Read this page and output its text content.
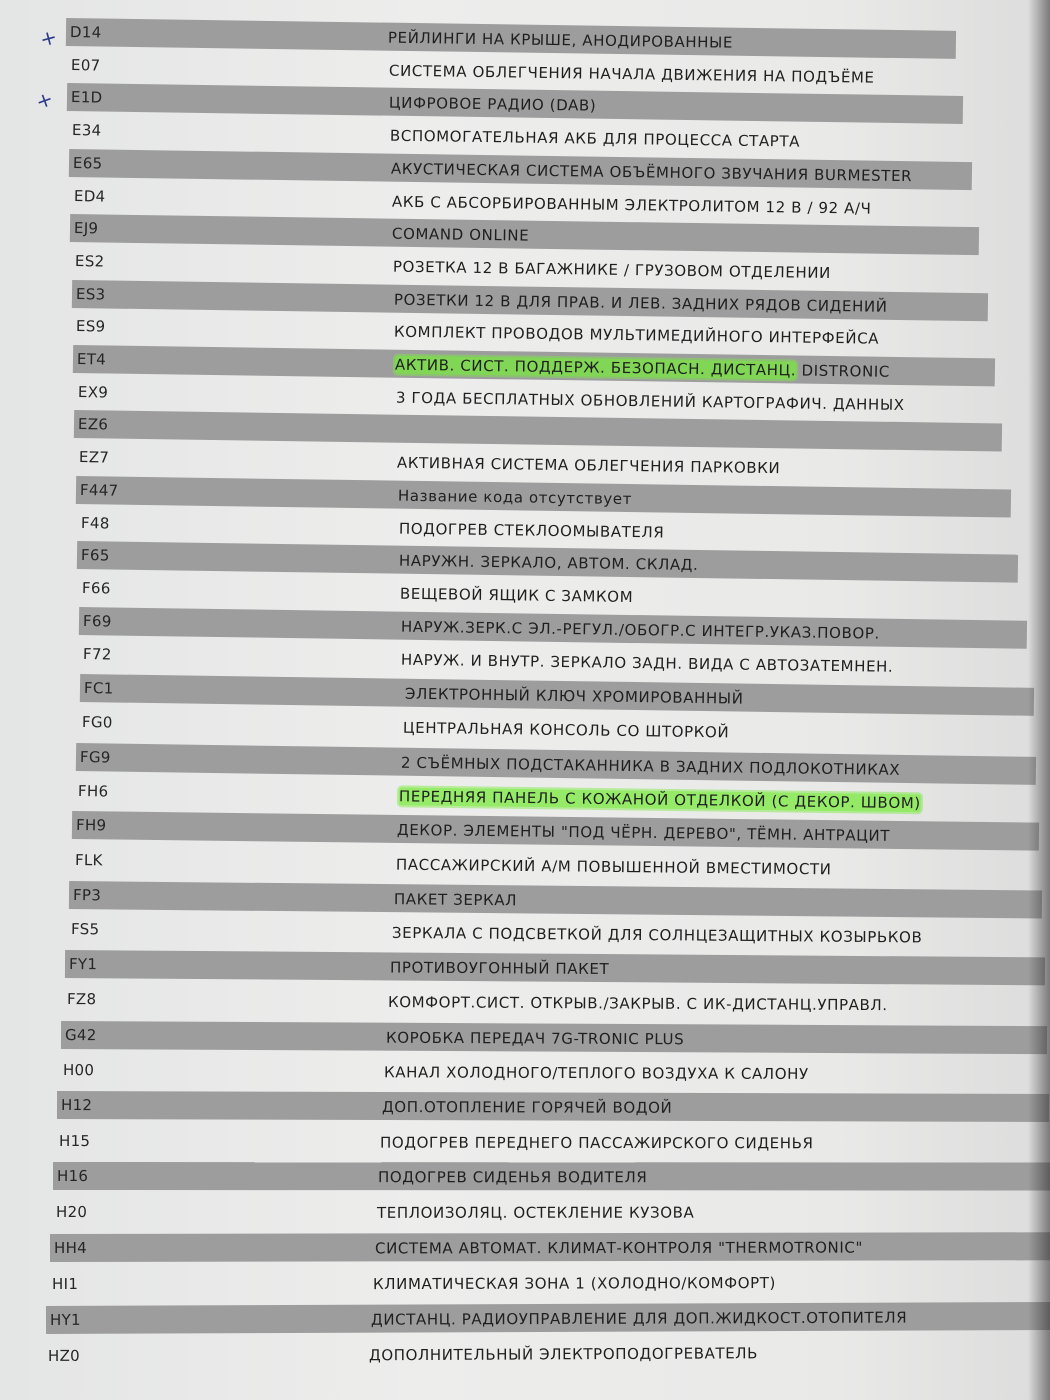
D14	РЕЙЛИНГИ НА КРЫШЕ, АНОДИРОВАННЫЕ
E07	СИСТЕМА ОБЛЕГЧЕНИЯ НАЧАЛА ДВИЖЕНИЯ НА ПОДЪЁМЕ
E1D	ЦИФРОВОЕ РАДИО (DAB)
E34	ВСПОМОГАТЕЛЬНАЯ АКБ ДЛЯ ПРОЦЕССА СТАРТА
E65	АКУСТИЧЕСКАЯ СИСТЕМА ОБЪЁМНОГО ЗВУЧАНИЯ BURMESTER
ED4	АКБ С АБСОРБИРОВАННЫМ ЭЛЕКТРОЛИТОМ 12 В / 92 А/Ч
EJ9	COMAND ONLINE
ES2	РОЗЕТКА 12 В БАГАЖНИКЕ / ГРУЗОВОМ ОТДЕЛЕНИИ
ES3	РОЗЕТКИ 12 В ДЛЯ ПРАВ. И ЛЕВ. ЗАДНИХ РЯДОВ СИДЕНИЙ
ES9	КОМПЛЕКТ ПРОВОДОВ МУЛЬТИМЕДИЙНОГО ИНТЕРФЕЙСА
ET4	АКТИВ. СИСТ. ПОДДЕРЖ. БЕЗОПАСН. ДИСТАНЦ. DISTRONIC
EX9	3 ГОДА БЕСПЛАТНЫХ ОБНОВЛЕНИЙ КАРТОГРАФИЧ. ДАННЫХ
EZ6
EZ7	АКТИВНАЯ СИСТЕМА ОБЛЕГЧЕНИЯ ПАРКОВКИ
F447	Название кода отсутствует
F48	ПОДОГРЕВ СТЕКЛООМЫВАТЕЛЯ
F65	НАРУЖН. ЗЕРКАЛО, АВТОМ. СКЛАД.
F66	ВЕЩЕВОЙ ЯЩИК С ЗАМКОМ
F69	НАРУЖ.ЗЕРК.С ЭЛ.-РЕГУЛ./ОБОГР.С ИНТЕГР.УКАЗ.ПОВОР.
F72	НАРУЖ. И ВНУТР. ЗЕРКАЛО ЗАДН. ВИДА С АВТОЗАТЕМНЕН.
FC1	ЭЛЕКТРОННЫЙ КЛЮЧ ХРОМИРОВАННЫЙ
FG0	ЦЕНТРАЛЬНАЯ КОНСОЛЬ СО ШТОРКОЙ
FG9	2 СЪЁМНЫХ ПОДСТАКАННИКА В ЗАДНИХ ПОДЛОКОТНИКАХ
FH6	ПЕРЕДНЯЯ ПАНЕЛЬ С КОЖАНОЙ ОТДЕЛКОЙ (С ДЕКОР. ШВОМ)
FH9	ДЕКОР. ЭЛЕМЕНТЫ "ПОД ЧЁРН. ДЕРЕВО", ТЁМН. АНТРАЦИТ
FLK	ПАССАЖИРСКИЙ А/М ПОВЫШЕННОЙ ВМЕСТИМОСТИ
FP3	ПАКЕТ ЗЕРКАЛ
FS5	ЗЕРКАЛА С ПОДСВЕТКОЙ ДЛЯ СОЛНЦЕЗАЩИТНЫХ КОЗЫРЬКОВ
FY1	ПРОТИВОУГОННЫЙ ПАКЕТ
FZ8	КОМФОРТ.СИСТ. ОТКРЫВ./ЗАКРЫВ. С ИК-ДИСТАНЦ.УПРАВЛ.
G42	КОРОБКА ПЕРЕДАЧ 7G-TRONIC PLUS
H00	КАНАЛ ХОЛОДНОГО/ТЕПЛОГО ВОЗДУХА К САЛОНУ
H12	ДОП.ОТОПЛЕНИЕ ГОРЯЧЕЙ ВОДОЙ
H15	ПОДОГРЕВ ПЕРЕДНЕГО ПАССАЖИРСКОГО СИДЕНЬЯ
H16	ПОДОГРЕВ СИДЕНЬЯ ВОДИТЕЛЯ
H20	ТЕПЛОИЗОЛЯЦ. ОСТЕКЛЕНИЕ КУЗОВА
HH4	СИСТЕМА АВТОМАТ. КЛИМАТ-КОНТРОЛЯ "THERMOTRONIC"
HI1	КЛИМАТИЧЕСКАЯ ЗОНА 1 (ХОЛОДНО/КОМФОРТ)
HY1	ДИСТАНЦ. РАДИОУПРАВЛЕНИЕ ДЛЯ ДОП.ЖИДКОСТ.ОТОПИТЕЛЯ
HZ0	ДОПОЛНИТЕЛЬНЫЙ ЭЛЕКТРОПОДОГРЕВАТЕЛЬ
+
+
